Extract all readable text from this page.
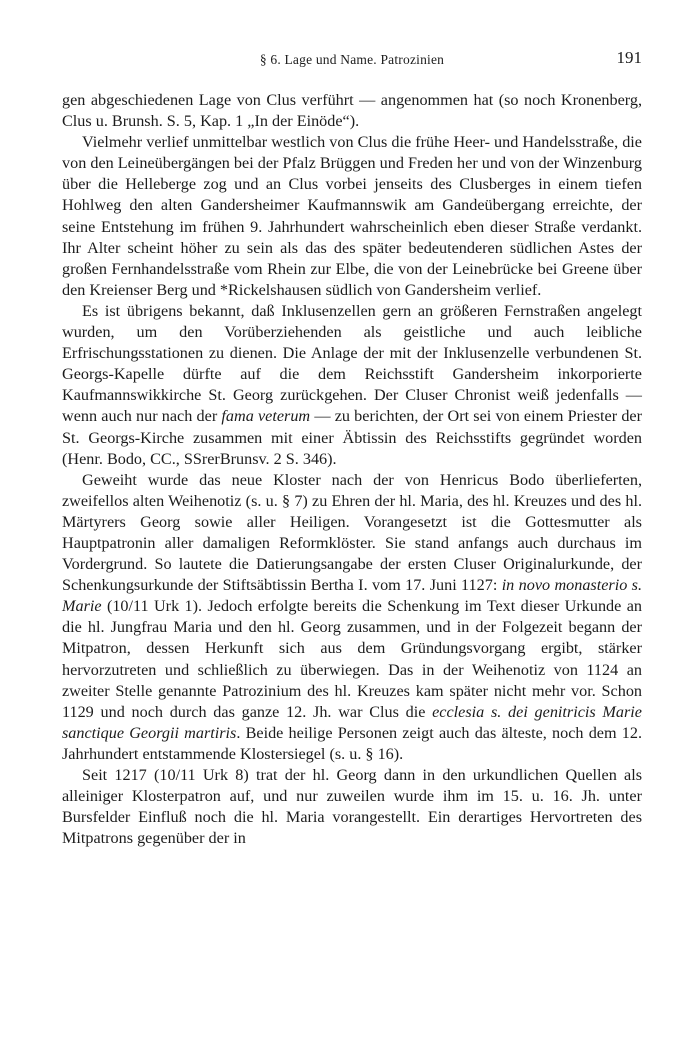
§ 6. Lage und Name. Patrozinien	191

gen abgeschiedenen Lage von Clus verführt — angenommen hat (so noch Kronenberg, Clus u. Brunsh. S. 5, Kap. 1 „In der Einöde“).

Vielmehr verlief unmittelbar westlich von Clus die frühe Heer- und Handelsstraße, die von den Leineübergängen bei der Pfalz Brüggen und Freden her und von der Winzenburg über die Helleberge zog und an Clus vorbei jenseits des Clusberges in einem tiefen Hohlweg den alten Gandersheimer Kaufmannswik am Gandeübergang erreichte, der seine Entstehung im frühen 9. Jahrhundert wahrscheinlich eben dieser Straße verdankt. Ihr Alter scheint höher zu sein als das des später bedeutenderen südlichen Astes der großen Fernhandelsstraße vom Rhein zur Elbe, die von der Leinebrücke bei Greene über den Kreienser Berg und *Rickelshausen südlich von Gandersheim verlief.

Es ist übrigens bekannt, daß Inklusenzellen gern an größeren Fernstraßen angelegt wurden, um den Vorüberziehenden als geistliche und auch leibliche Erfrischungsstationen zu dienen. Die Anlage der mit der Inklusenzelle verbundenen St. Georgs-Kapelle dürfte auf die dem Reichsstift Gandersheim inkorporierte Kaufmannswikkirche St. Georg zurückgehen. Der Cluser Chronist weiß jedenfalls — wenn auch nur nach der fama veterum — zu berichten, der Ort sei von einem Priester der St. Georgs-Kirche zusammen mit einer Äbtissin des Reichsstifts gegründet worden (Henr. Bodo, CC., SSrerBrunsv. 2 S. 346).

Geweiht wurde das neue Kloster nach der von Henricus Bodo überlieferten, zweifellos alten Weihenotiz (s. u. § 7) zu Ehren der hl. Maria, des hl. Kreuzes und des hl. Märtyrers Georg sowie aller Heiligen. Vorangesetzt ist die Gottesmutter als Hauptpatronin aller damaligen Reformklöster. Sie stand anfangs auch durchaus im Vordergrund. So lautete die Datierungsangabe der ersten Cluser Originalurkunde, der Schenkungsurkunde der Stiftsäbtissin Bertha I. vom 17. Juni 1127: in novo monasterio s. Marie (10/11 Urk 1). Jedoch erfolgte bereits die Schenkung im Text dieser Urkunde an die hl. Jungfrau Maria und den hl. Georg zusammen, und in der Folgezeit begann der Mitpatron, dessen Herkunft sich aus dem Gründungsvorgang ergibt, stärker hervorzutreten und schließlich zu überwiegen. Das in der Weihenotiz von 1124 an zweiter Stelle genannte Patrozinium des hl. Kreuzes kam später nicht mehr vor. Schon 1129 und noch durch das ganze 12. Jh. war Clus die ecclesia s. dei genitricis Marie sanctique Georgii martiris. Beide heilige Personen zeigt auch das älteste, noch dem 12. Jahrhundert entstammende Klostersiegel (s. u. § 16).

Seit 1217 (10/11 Urk 8) trat der hl. Georg dann in den urkundlichen Quellen als alleiniger Klosterpatron auf, und nur zuweilen wurde ihm im 15. u. 16. Jh. unter Bursfelder Einfluß noch die hl. Maria vorangestellt. Ein derartiges Hervortreten des Mitpatrons gegenüber der in
